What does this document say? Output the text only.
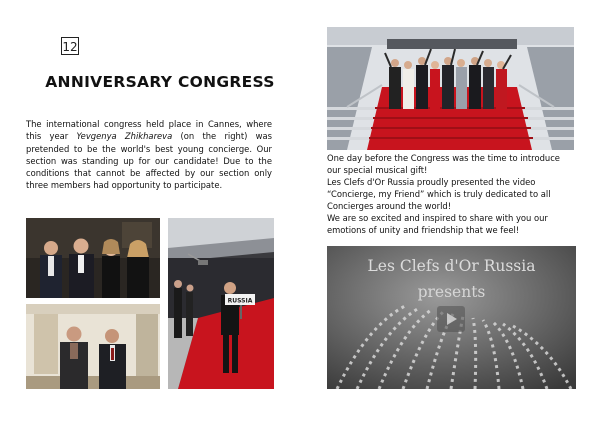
12
ANNIVERSARY CONGRESS
The international congress held place in Cannes, where this year Yevgenya Zhikhareva (on the right) was pretended to be the world's best young concierge. Our section was standing up for our candidate! Due to the conditions that cannot be affected by our section only three members had opportunity to participate.
RUSSIA

One day before the Congress was the time to introduce our special musical gift!

Les Clefs d'Or Russia proudly presented the video “Concierge, my Friend” which is truly dedicated to all Concierges around the world!

We are so excited and inspired to share with you our emotions of unity and friendship that we feel!

Les Clefs d'Or Russia
presents
